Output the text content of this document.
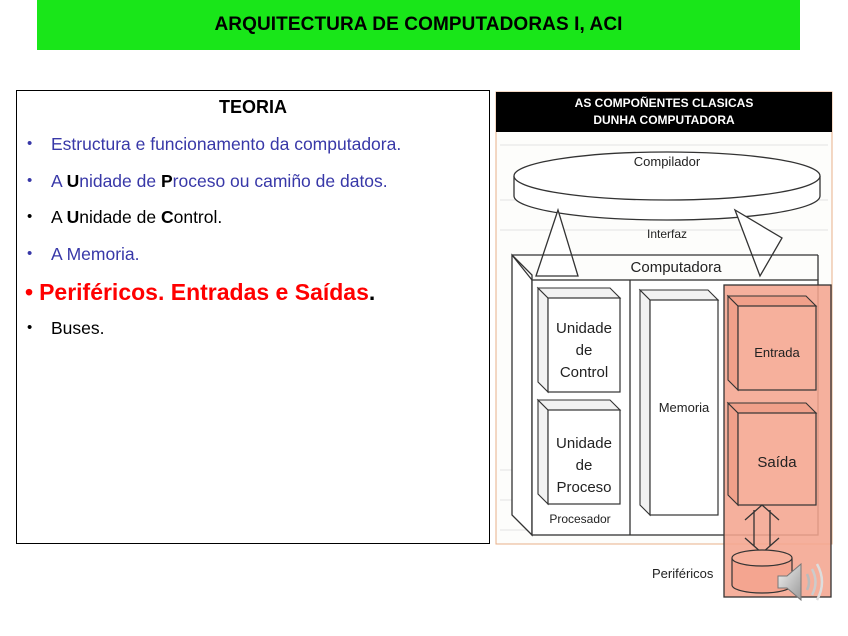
ARQUITECTURA DE COMPUTADORAS I, ACI
TEORIA
• Estructura e funcionamento da computadora.
• A Unidade de Proceso ou camiño de datos.
• A Unidade de Control.
• A Memoria.
• Periféricos. Entradas e Saídas.
• Buses.
AS COMPOÑENTES CLASICAS
DUNHA COMPUTADORA
Compilador
Interfaz
Computadora
Unidade
de
Control
Unidade
de
Proceso
Procesador
Memoria
Entrada
Saída
Periféricos
